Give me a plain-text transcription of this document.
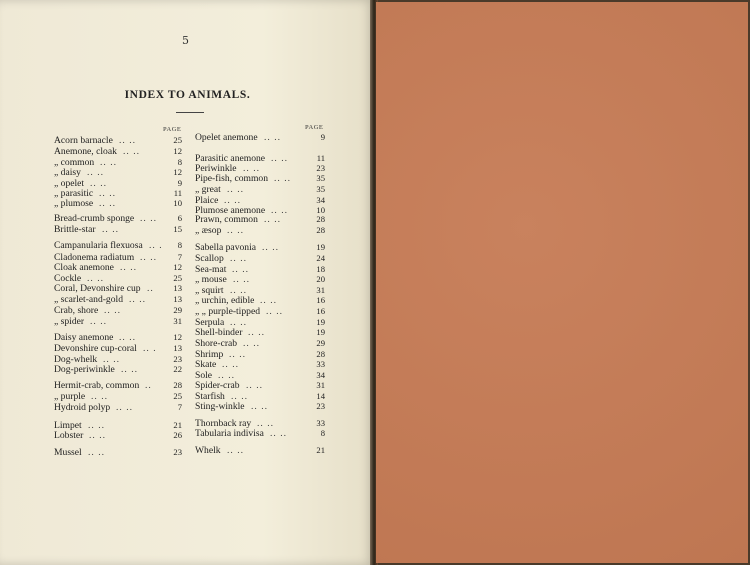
5
INDEX TO ANIMALS.
PAGE	PAGE
Acorn barnacle	25
.. ..
Anemone, cloak	12
.. ..
„ common	8
.. ..
„ daisy	12
.. ..
„ opelet	9
.. ..
„ parasitic	11
.. ..
„ plumose	10
.. ..
Bread-crumb sponge	6
.. ..
Brittle-star	15
.. ..
Campanularia flexuosa	8
.. .
Cladonema radiatum	7
.. ..
Cloak anemone	12
.. ..
Cockle	25
.. ..
Coral, Devonshire cup	13
..
„ scarlet-and-gold	13
.. ..
Crab, shore	29
.. ..
„ spider	31
.. ..
Daisy anemone	12
.. ..
Devonshire cup-coral	13
.. .
Dog-whelk	23
.. ..
Dog-periwinkle	22
.. ..
Hermit-crab, common	28
..
„ purple	25
.. ..
Hydroid polyp	7
.. ..
Limpet	21
.. ..
Lobster	26
.. ..
Mussel	23
.. ..
Opelet anemone	9
.. ..
Parasitic anemone	11
.. ..
Periwinkle	23
.. ..
Pipe-fish, common	35
.. ..
„ great	35
.. ..
Plaice	34
.. ..
Plumose anemone	10
.. ..
Prawn, common	28
.. ..
„ æsop	28
.. ..
Sabella pavonia	19
.. ..
Scallop	24
.. ..
Sea-mat	18
.. ..
„ mouse	20
.. ..
„ squirt	31
.. ..
„ urchin, edible	16
.. ..
„ „ purple-tipped	16
.. ..
Serpula	19
.. ..
Shell-binder	19
.. ..
Shore-crab	29
.. ..
Shrimp	28
.. ..
Skate	33
.. ..
Sole	34
.. ..
Spider-crab	31
.. ..
Starfish	14
.. ..
Sting-winkle	23
.. ..
Thornback ray	33
.. ..
Tabularia indivisa	8
.. ..
Whelk	21
.. ..
